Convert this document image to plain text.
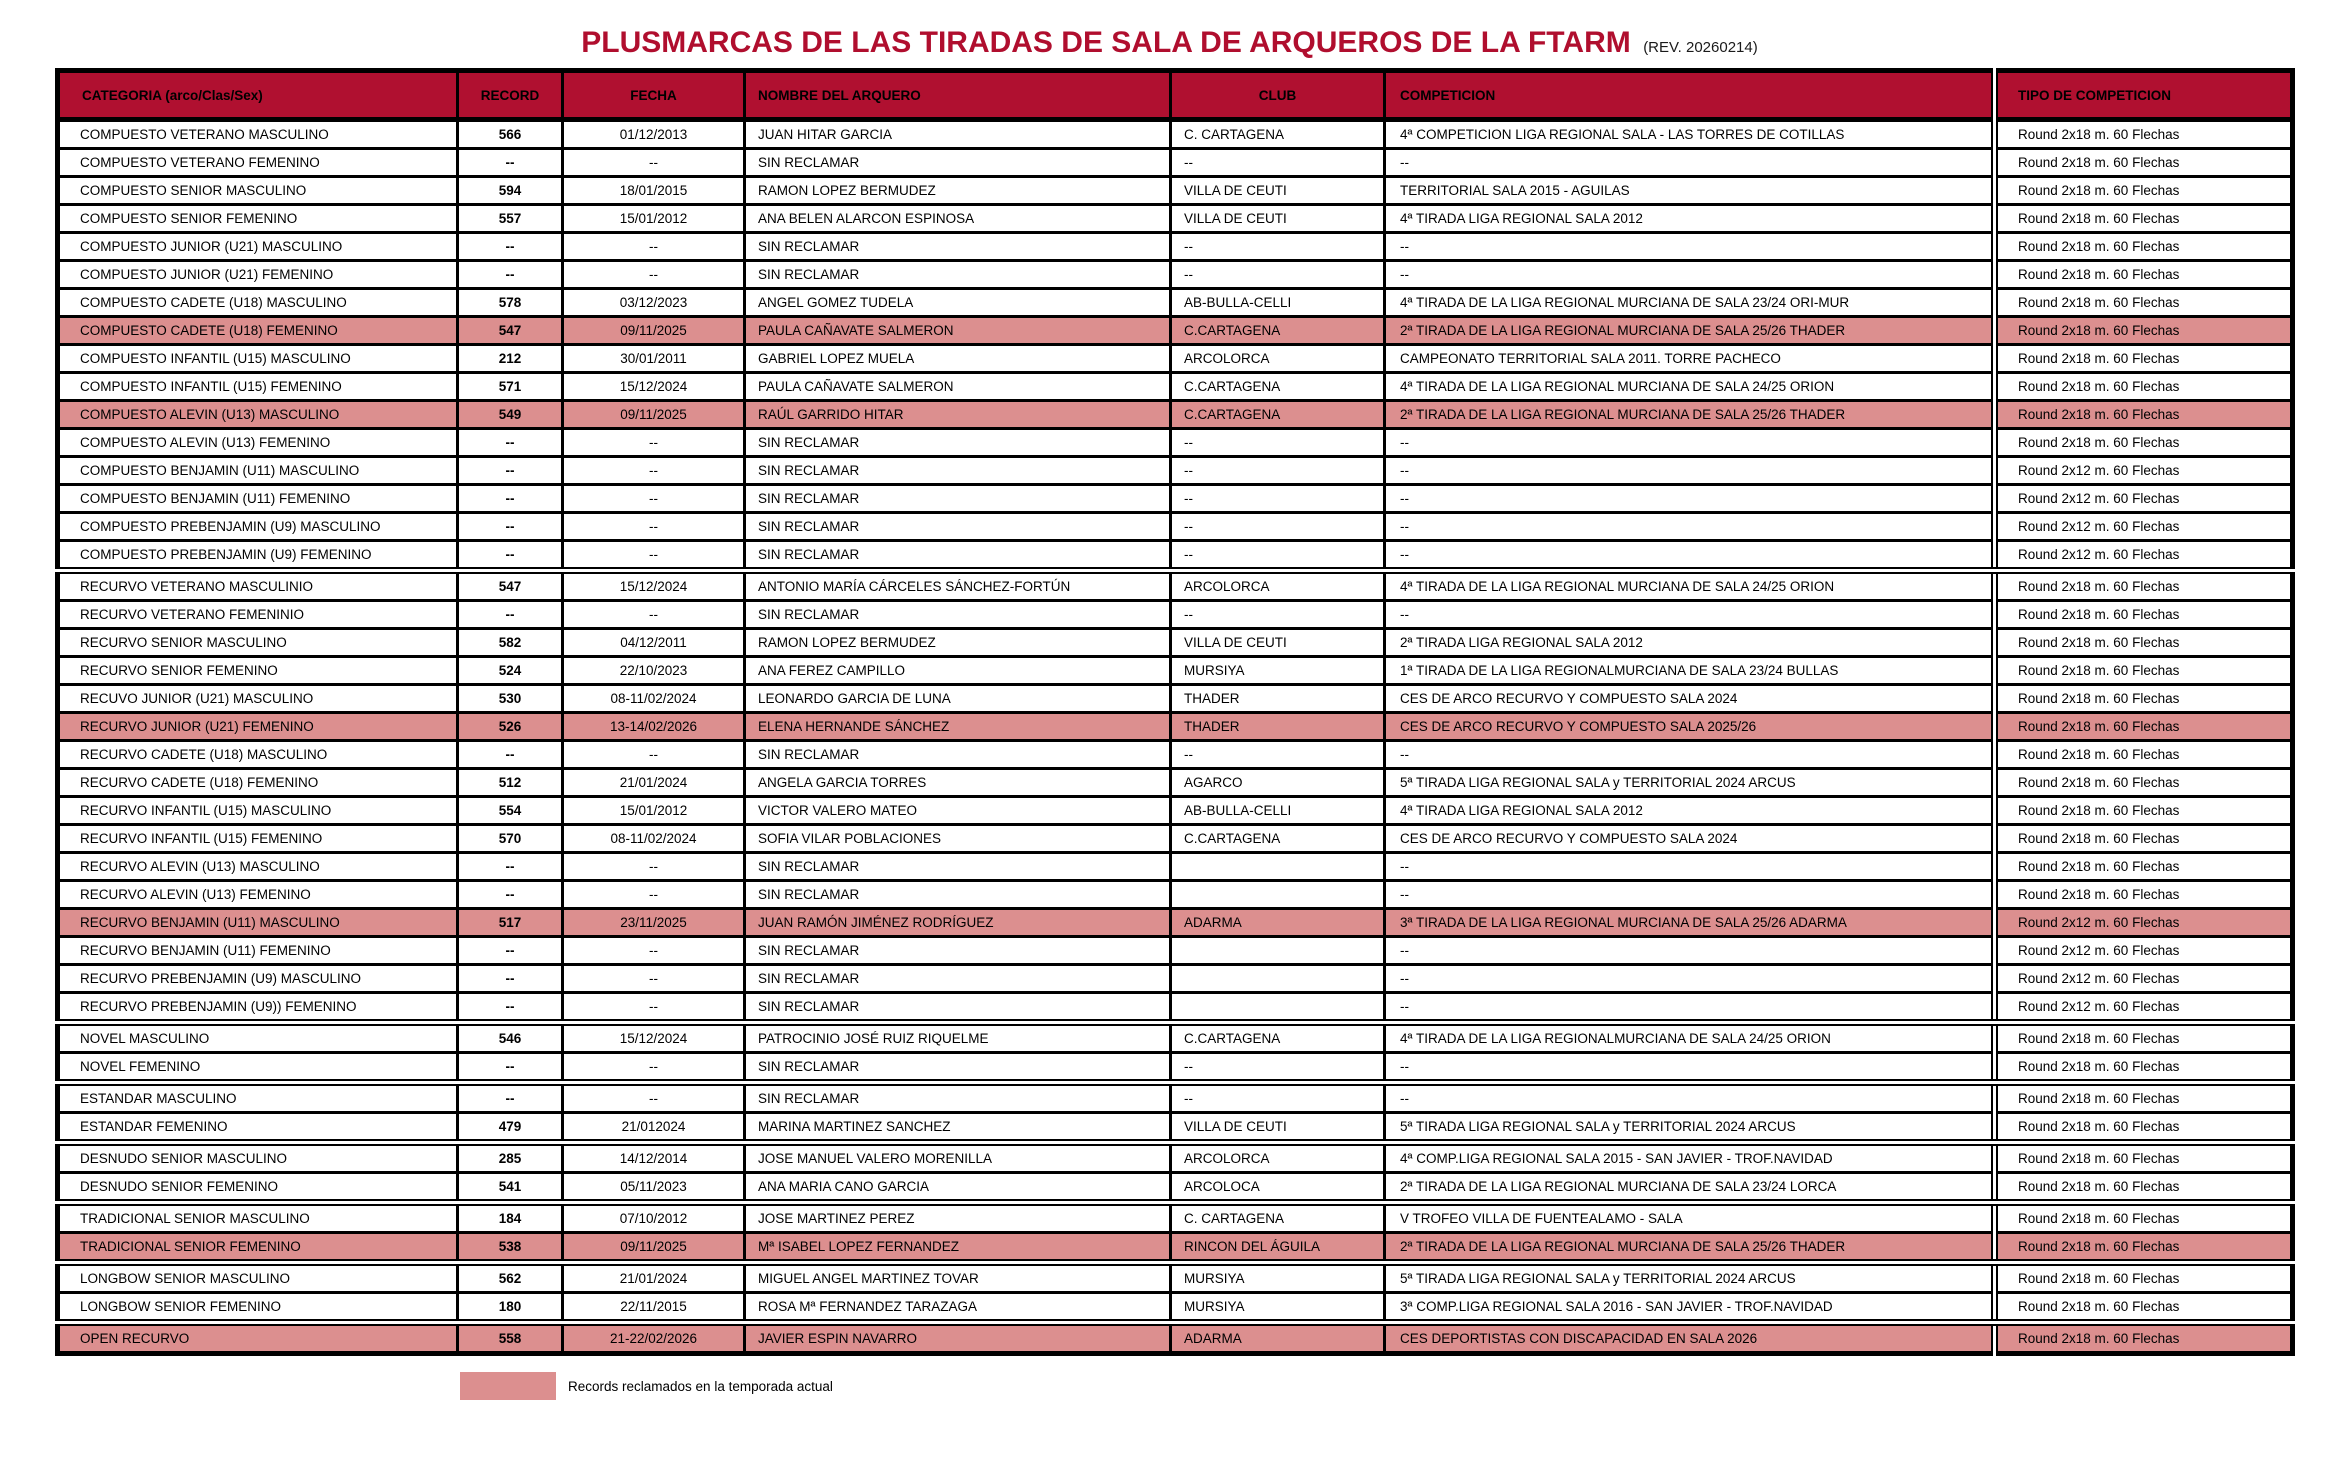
PLUSMARCAS DE LAS TIRADAS DE SALA DE ARQUEROS DE LA FTARM (REV. 20260214)
CATEGORIA (arco/Clas/Sex)	RECORD	FECHA	NOMBRE DEL ARQUERO	CLUB	COMPETICION	TIPO DE COMPETICION
COMPUESTO VETERANO MASCULINO	566	01/12/2013	JUAN HITAR GARCIA	C. CARTAGENA	4ª COMPETICION LIGA REGIONAL SALA - LAS TORRES DE COTILLAS	Round 2x18 m. 60 Flechas
COMPUESTO VETERANO FEMENINO	--	--	SIN RECLAMAR	--	--	Round 2x18 m. 60 Flechas
COMPUESTO SENIOR MASCULINO	594	18/01/2015	RAMON LOPEZ BERMUDEZ	VILLA DE CEUTI	TERRITORIAL SALA 2015 - AGUILAS	Round 2x18 m. 60 Flechas
COMPUESTO SENIOR FEMENINO	557	15/01/2012	ANA BELEN ALARCON ESPINOSA	VILLA DE CEUTI	4ª TIRADA LIGA REGIONAL SALA 2012	Round 2x18 m. 60 Flechas
COMPUESTO JUNIOR (U21) MASCULINO	--	--	SIN RECLAMAR	--	--	Round 2x18 m. 60 Flechas
COMPUESTO JUNIOR (U21) FEMENINO	--	--	SIN RECLAMAR	--	--	Round 2x18 m. 60 Flechas
COMPUESTO CADETE (U18) MASCULINO	578	03/12/2023	ANGEL GOMEZ TUDELA	AB-BULLA-CELLI	4ª TIRADA DE LA LIGA REGIONAL MURCIANA DE SALA 23/24 ORI-MUR	Round 2x18 m. 60 Flechas
COMPUESTO CADETE (U18) FEMENINO	547	09/11/2025	PAULA CAÑAVATE SALMERON	C.CARTAGENA	2ª TIRADA DE LA LIGA REGIONAL MURCIANA DE SALA 25/26 THADER	Round 2x18 m. 60 Flechas
COMPUESTO INFANTIL (U15) MASCULINO	212	30/01/2011	GABRIEL LOPEZ MUELA	ARCOLORCA	CAMPEONATO TERRITORIAL SALA 2011. TORRE PACHECO	Round 2x18 m. 60 Flechas
COMPUESTO INFANTIL (U15) FEMENINO	571	15/12/2024	PAULA CAÑAVATE SALMERON	C.CARTAGENA	4ª TIRADA DE LA LIGA REGIONAL MURCIANA DE SALA 24/25 ORION	Round 2x18 m. 60 Flechas
COMPUESTO ALEVIN (U13) MASCULINO	549	09/11/2025	RAÚL GARRIDO HITAR	C.CARTAGENA	2ª TIRADA DE LA LIGA REGIONAL MURCIANA DE SALA 25/26 THADER	Round 2x18 m. 60 Flechas
COMPUESTO ALEVIN (U13) FEMENINO	--	--	SIN RECLAMAR	--	--	Round 2x18 m. 60 Flechas
COMPUESTO BENJAMIN (U11) MASCULINO	--	--	SIN RECLAMAR	--	--	Round 2x12 m. 60 Flechas
COMPUESTO BENJAMIN (U11) FEMENINO	--	--	SIN RECLAMAR	--	--	Round 2x12 m. 60 Flechas
COMPUESTO PREBENJAMIN (U9) MASCULINO	--	--	SIN RECLAMAR	--	--	Round 2x12 m. 60 Flechas
COMPUESTO PREBENJAMIN (U9) FEMENINO	--	--	SIN RECLAMAR	--	--	Round 2x12 m. 60 Flechas
RECURVO VETERANO MASCULINIO	547	15/12/2024	ANTONIO MARÍA CÁRCELES SÁNCHEZ-FORTÚN	ARCOLORCA	4ª TIRADA DE LA LIGA REGIONAL MURCIANA DE SALA 24/25 ORION	Round 2x18 m. 60 Flechas
RECURVO VETERANO FEMENINIO	--	--	SIN RECLAMAR	--	--	Round 2x18 m. 60 Flechas
RECURVO SENIOR MASCULINO	582	04/12/2011	RAMON LOPEZ BERMUDEZ	VILLA DE CEUTI	2ª TIRADA LIGA REGIONAL SALA 2012	Round 2x18 m. 60 Flechas
RECURVO SENIOR FEMENINO	524	22/10/2023	ANA FEREZ CAMPILLO	MURSIYA	1ª TIRADA DE LA LIGA REGIONALMURCIANA DE SALA 23/24 BULLAS	Round 2x18 m. 60 Flechas
RECUVO JUNIOR (U21) MASCULINO	530	08-11/02/2024	LEONARDO GARCIA DE LUNA	THADER	CES DE ARCO RECURVO Y COMPUESTO SALA 2024	Round 2x18 m. 60 Flechas
RECURVO JUNIOR (U21) FEMENINO	526	13-14/02/2026	ELENA HERNANDE SÁNCHEZ	THADER	CES DE ARCO RECURVO Y COMPUESTO SALA 2025/26	Round 2x18 m. 60 Flechas
RECURVO CADETE (U18) MASCULINO	--	--	SIN RECLAMAR	--	--	Round 2x18 m. 60 Flechas
RECURVO CADETE (U18) FEMENINO	512	21/01/2024	ANGELA GARCIA TORRES	AGARCO	5ª TIRADA LIGA REGIONAL SALA y TERRITORIAL 2024 ARCUS	Round 2x18 m. 60 Flechas
RECURVO INFANTIL (U15) MASCULINO	554	15/01/2012	VICTOR VALERO MATEO	AB-BULLA-CELLI	4ª TIRADA LIGA REGIONAL SALA 2012	Round 2x18 m. 60 Flechas
RECURVO INFANTIL (U15) FEMENINO	570	08-11/02/2024	SOFIA VILAR POBLACIONES	C.CARTAGENA	CES DE ARCO RECURVO Y COMPUESTO SALA 2024	Round 2x18 m. 60 Flechas
RECURVO ALEVIN (U13) MASCULINO	--	--	SIN RECLAMAR		--	Round 2x18 m. 60 Flechas
RECURVO ALEVIN (U13) FEMENINO	--	--	SIN RECLAMAR		--	Round 2x18 m. 60 Flechas
RECURVO BENJAMIN (U11) MASCULINO	517	23/11/2025	JUAN RAMÓN JIMÉNEZ RODRÍGUEZ	ADARMA	3ª TIRADA DE LA LIGA REGIONAL MURCIANA DE SALA 25/26 ADARMA	Round 2x12 m. 60 Flechas
RECURVO BENJAMIN (U11) FEMENINO	--	--	SIN RECLAMAR		--	Round 2x12 m. 60 Flechas
RECURVO PREBENJAMIN (U9) MASCULINO	--	--	SIN RECLAMAR		--	Round 2x12 m. 60 Flechas
RECURVO PREBENJAMIN (U9)) FEMENINO	--	--	SIN RECLAMAR		--	Round 2x12 m. 60 Flechas
NOVEL MASCULINO	546	15/12/2024	PATROCINIO JOSÉ RUIZ RIQUELME	C.CARTAGENA	4ª TIRADA DE LA LIGA REGIONALMURCIANA DE SALA 24/25 ORION	Round 2x18 m. 60 Flechas
NOVEL FEMENINO	--	--	SIN RECLAMAR	--	--	Round 2x18 m. 60 Flechas
ESTANDAR MASCULINO	--	--	SIN RECLAMAR	--	--	Round 2x18 m. 60 Flechas
ESTANDAR FEMENINO	479	21/012024	MARINA MARTINEZ SANCHEZ	VILLA DE CEUTI	5ª TIRADA LIGA REGIONAL SALA y TERRITORIAL 2024 ARCUS	Round 2x18 m. 60 Flechas
DESNUDO SENIOR MASCULINO	285	14/12/2014	JOSE MANUEL VALERO MORENILLA	ARCOLORCA	4ª COMP.LIGA REGIONAL SALA 2015 - SAN JAVIER - TROF.NAVIDAD	Round 2x18 m. 60 Flechas
DESNUDO SENIOR FEMENINO	541	05/11/2023	ANA MARIA CANO GARCIA	ARCOLOCA	2ª TIRADA DE LA LIGA REGIONAL MURCIANA DE SALA 23/24 LORCA	Round 2x18 m. 60 Flechas
TRADICIONAL SENIOR MASCULINO	184	07/10/2012	JOSE MARTINEZ PEREZ	C. CARTAGENA	V TROFEO VILLA DE FUENTEALAMO - SALA	Round 2x18 m. 60 Flechas
TRADICIONAL SENIOR FEMENINO	538	09/11/2025	Mª ISABEL LOPEZ FERNANDEZ	RINCON DEL ÁGUILA	2ª TIRADA DE LA LIGA REGIONAL MURCIANA DE SALA 25/26 THADER	Round 2x18 m. 60 Flechas
LONGBOW SENIOR MASCULINO	562	21/01/2024	MIGUEL ANGEL MARTINEZ TOVAR	MURSIYA	5ª TIRADA LIGA REGIONAL SALA y TERRITORIAL 2024 ARCUS	Round 2x18 m. 60 Flechas
LONGBOW SENIOR FEMENINO	180	22/11/2015	ROSA Mª FERNANDEZ TARAZAGA	MURSIYA	3ª COMP.LIGA REGIONAL SALA 2016 - SAN JAVIER - TROF.NAVIDAD	Round 2x18 m. 60 Flechas
OPEN RECURVO	558	21-22/02/2026	JAVIER ESPIN NAVARRO	ADARMA	CES DEPORTISTAS CON DISCAPACIDAD EN SALA 2026	Round 2x18 m. 60 Flechas
Records reclamados en la temporada actual
